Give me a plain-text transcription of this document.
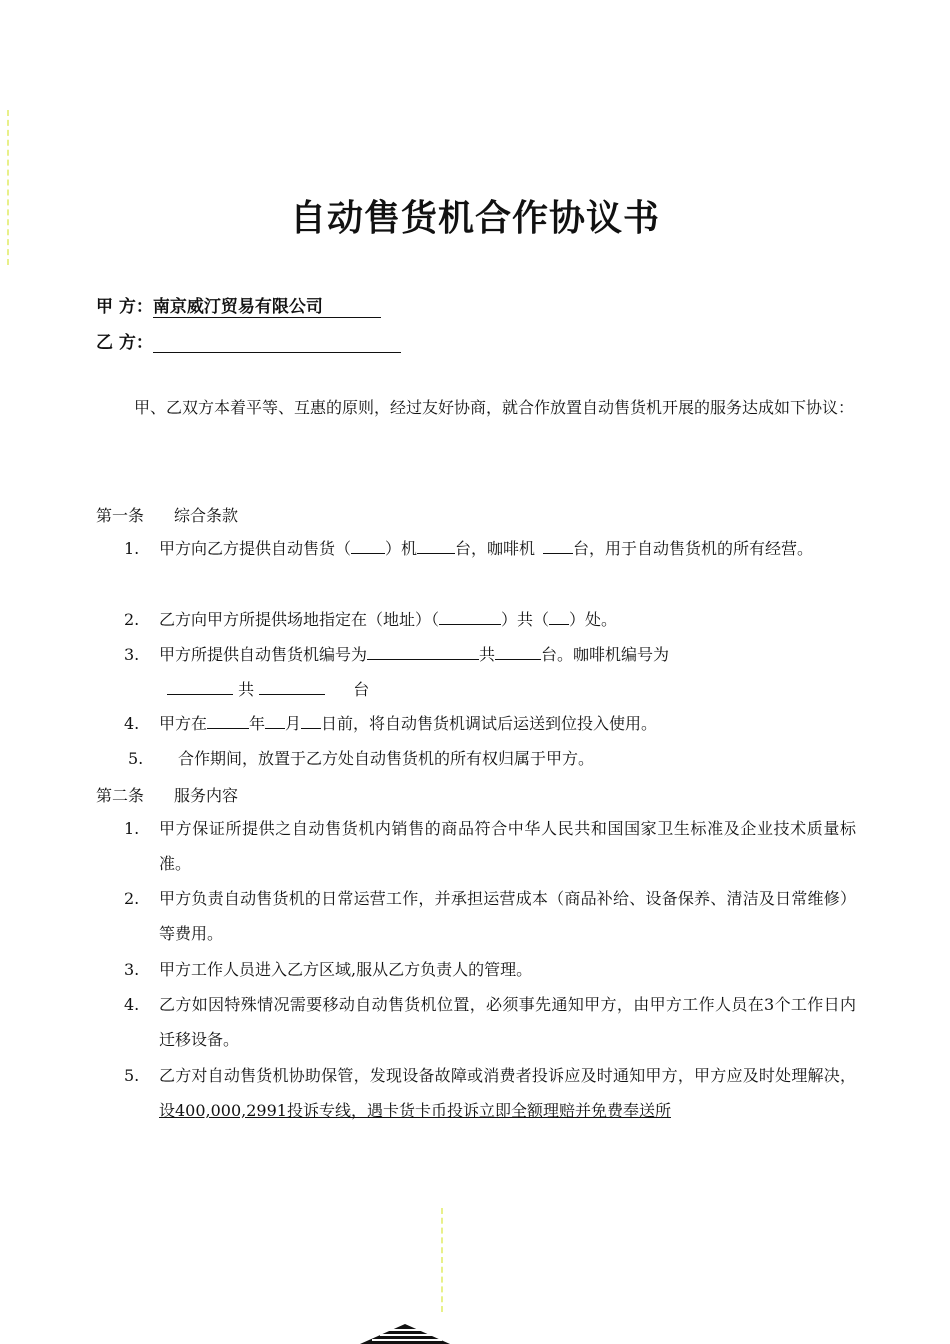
自动售货机合作协议书
甲 方：南京威汀贸易有限公司
乙 方：
甲、乙双方本着平等、互惠的原则，经过友好协商，就合作放置自动售货机开展的服务达成如下协议：
第一条 综合条款
1.	甲方向乙方提供自动售货（ ）机 台，咖啡机 台，用于自动售货机的所有经营。
2.	乙方向甲方所提供场地指定在（地址）（	）共（ ）处。
3.	甲方所提供自动售货机编号为	共	台。咖啡机编号为
共	台
4.	甲方在	年 月 日前，将自动售货机调试后运送到位投入使用。
5.	合作期间，放置于乙方处自动售货机的所有权归属于甲方。
第二条 服务内容
1.	甲方保证所提供之自动售货机内销售的商品符合中华人民共和国国家卫生标准及企业技术质量标准。
2.	甲方负责自动售货机的日常运营工作，并承担运营成本（商品补给、设备保养、清洁及日常维修）等费用。
3.	甲方工作人员进入乙方区域,服从乙方负责人的管理。
4.	乙方如因特殊情况需要移动自动售货机位置，必须事先通知甲方，由甲方工作人员在3个工作日内迁移设备。
5.	乙方对自动售货机协助保管，发现设备故障或消费者投诉应及时通知甲方，甲方应及时处理解决，设400,000,2991投诉专线，遇卡货卡币投诉立即全额理赔并免费奉送所
